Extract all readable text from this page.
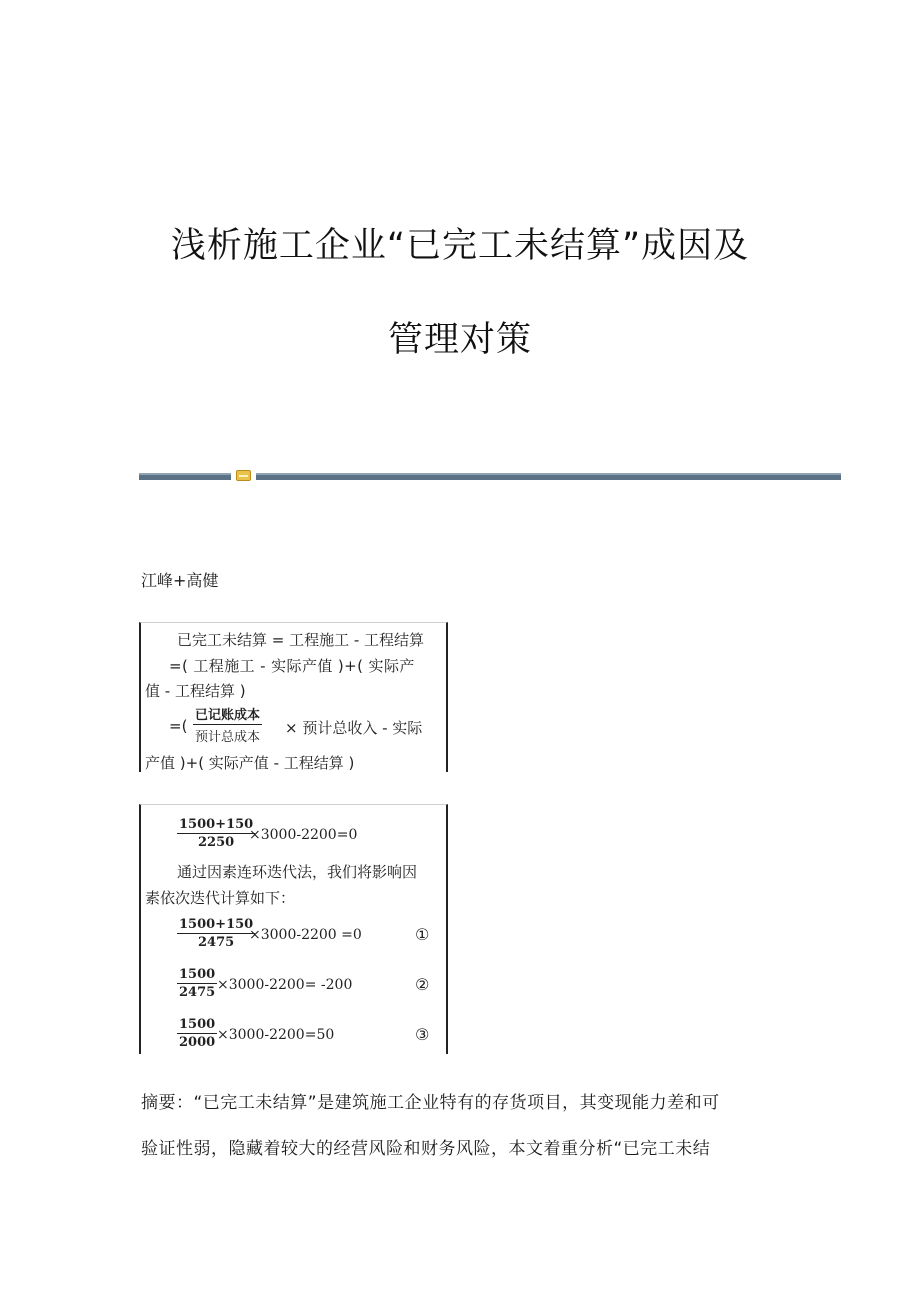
浅析施工企业“已完工未结算”成因及
管理对策
江峰+高健
已完工未结算 = 工程施工 - 工程结算
=( 工程施工 - 实际产值 )+( 实际产
值 - 工程结算 )
=(
已记账成本
预计总成本
× 预计总收入 - 实际
产值 )+( 实际产值 - 工程结算 )
$\frac{1500+150}{2250}$
×3000-2200=0
通过因素连环迭代法，我们将影响因
素依次迭代计算如下：
$\frac{1500+150}{2475}$
×3000-2200 =0	①
$\frac{1500}{2475} \times 3000-2200= -200$	②
$\frac{1500}{2000} \times 3000-2200=50$	③
摘要：“已完工未结算”是建筑施工企业特有的存货项目，其变现能力差和可
验证性弱，隐藏着较大的经营风险和财务风险，本文着重分析“已完工未结
